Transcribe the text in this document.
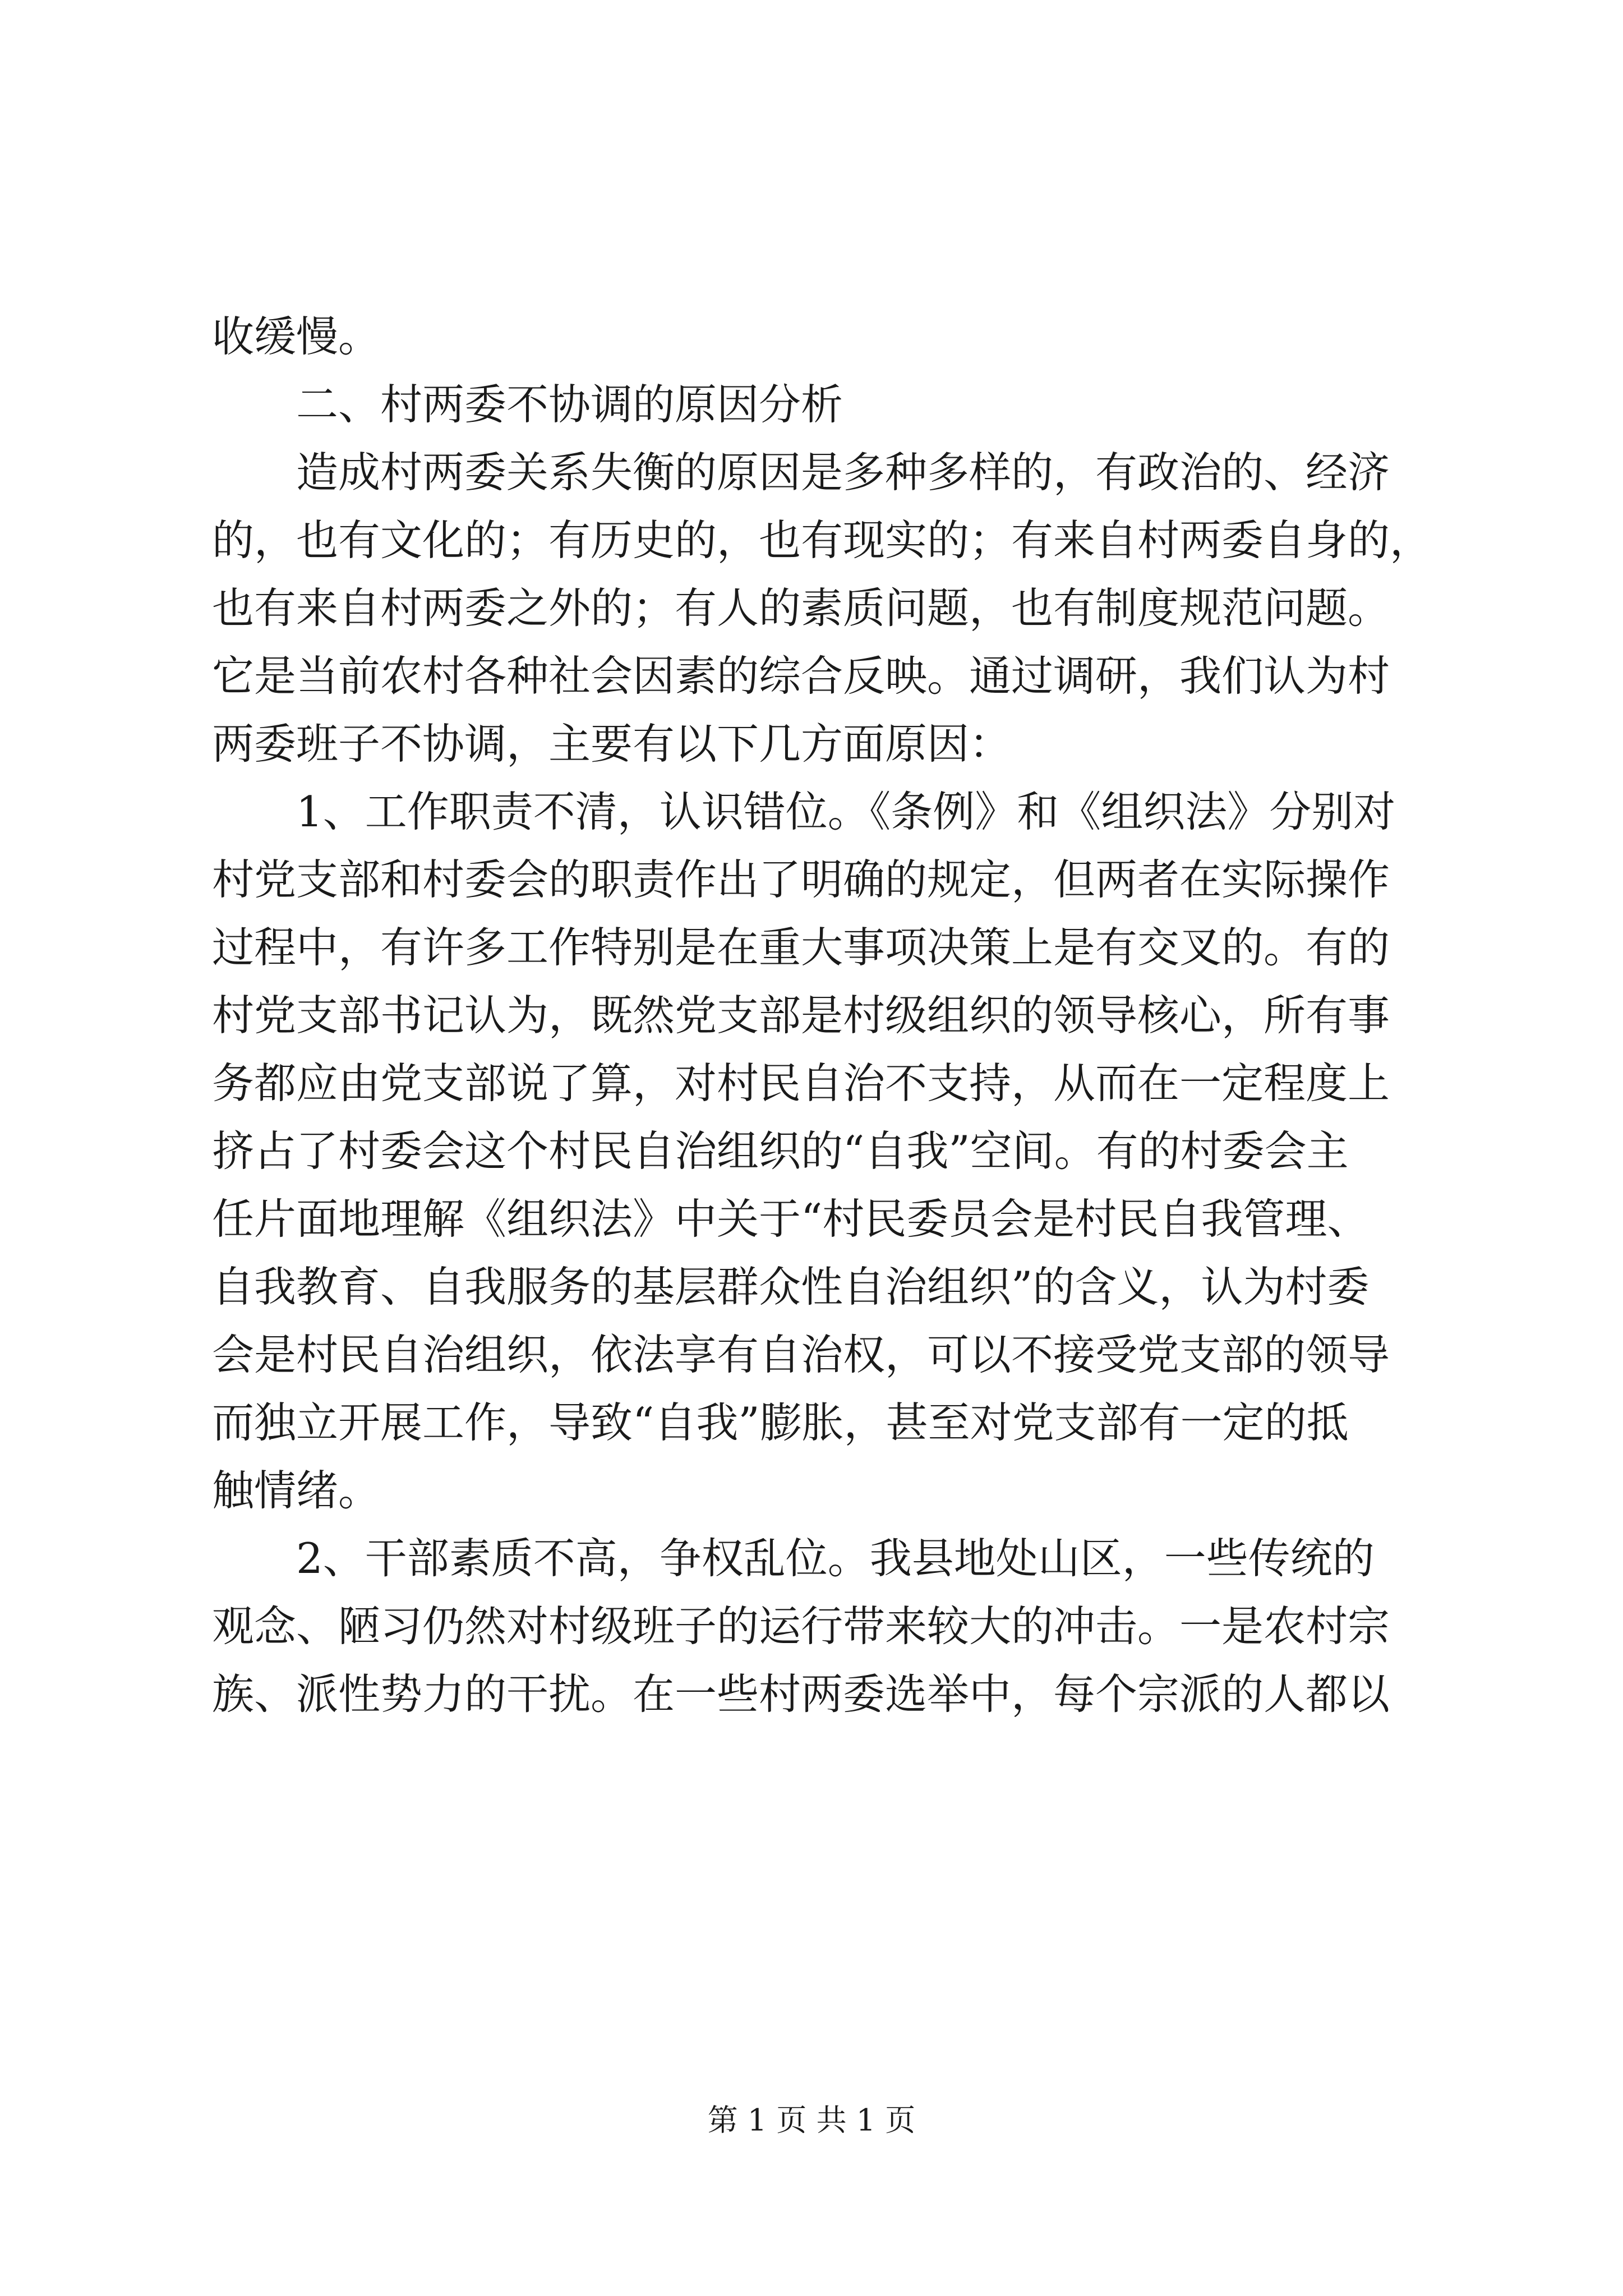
收缓慢。
二、村两委不协调的原因分析
造成村两委关系失衡的原因是多种多样的，有政治的、经济
的，也有文化的；有历史的，也有现实的；有来自村两委自身的，
也有来自村两委之外的；有人的素质问题，也有制度规范问题。
它是当前农村各种社会因素的综合反映。通过调研，我们认为村
两委班子不协调，主要有以下几方面原因：
1、工作职责不清，认识错位。《条例》和《组织法》分别对
村党支部和村委会的职责作出了明确的规定，但两者在实际操作
过程中，有许多工作特别是在重大事项决策上是有交叉的。有的
村党支部书记认为，既然党支部是村级组织的领导核心，所有事
务都应由党支部说了算，对村民自治不支持，从而在一定程度上
挤占了村委会这个村民自治组织的“自我”空间。有的村委会主
任片面地理解《组织法》中关于“村民委员会是村民自我管理、
自我教育、自我服务的基层群众性自治组织”的含义，认为村委
会是村民自治组织，依法享有自治权，可以不接受党支部的领导
而独立开展工作，导致“自我”膨胀，甚至对党支部有一定的抵
触情绪。
2、干部素质不高，争权乱位。我县地处山区，一些传统的
观念、陋习仍然对村级班子的运行带来较大的冲击。一是农村宗
族、派性势力的干扰。在一些村两委选举中，每个宗派的人都以
第 1 页 共 1 页
